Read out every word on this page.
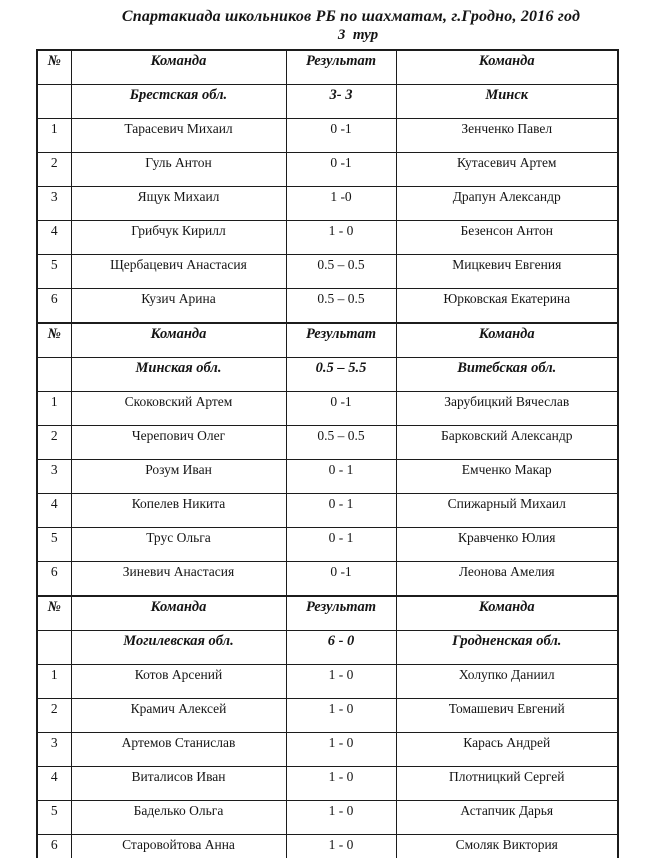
Спартакиада школьников РБ по шахматам, г.Гродно, 2016 год
3  тур
№	Команда	Результат	Команда
	Брестская обл.	3- 3	Минск
1	Тарасевич Михаил	0 -1	Зенченко Павел
2	Гуль Антон	0 -1	Кутасевич Артем
3	Ящук Михаил	1 -0	Драпун Александр
4	Грибчук Кирилл	1 - 0	Безенсон Антон
5	Щербацевич Анастасия	0.5 – 0.5	Мицкевич Евгения
6	Кузич Арина	0.5 – 0.5	Юрковская Екатерина
№	Команда	Результат	Команда
	Минская обл.	0.5 – 5.5	Витебская обл.
1	Скоковский Артем	0 -1	Зарубицкий Вячеслав
2	Черепович Олег	0.5 – 0.5	Барковский Александр
3	Розум Иван	0 - 1	Емченко Макар
4	Копелев Никита	0 - 1	Спижарный Михаил
5	Трус Ольга	0 - 1	Кравченко Юлия
6	Зиневич Анастасия	0 -1	Леонова Амелия
№	Команда	Результат	Команда
	Могилевская обл.	6 - 0	Гродненская обл.
1	Котов Арсений	1 - 0	Холупко Даниил
2	Крамич Алексей	1 - 0	Томашевич Евгений
3	Артемов Станислав	1 - 0	Карась Андрей
4	Виталисов Иван	1 - 0	Плотницкий Сергей
5	Баделько Ольга	1 - 0	Астапчик Дарья
6	Старовойтова Анна	1 - 0	Смоляк Виктория
